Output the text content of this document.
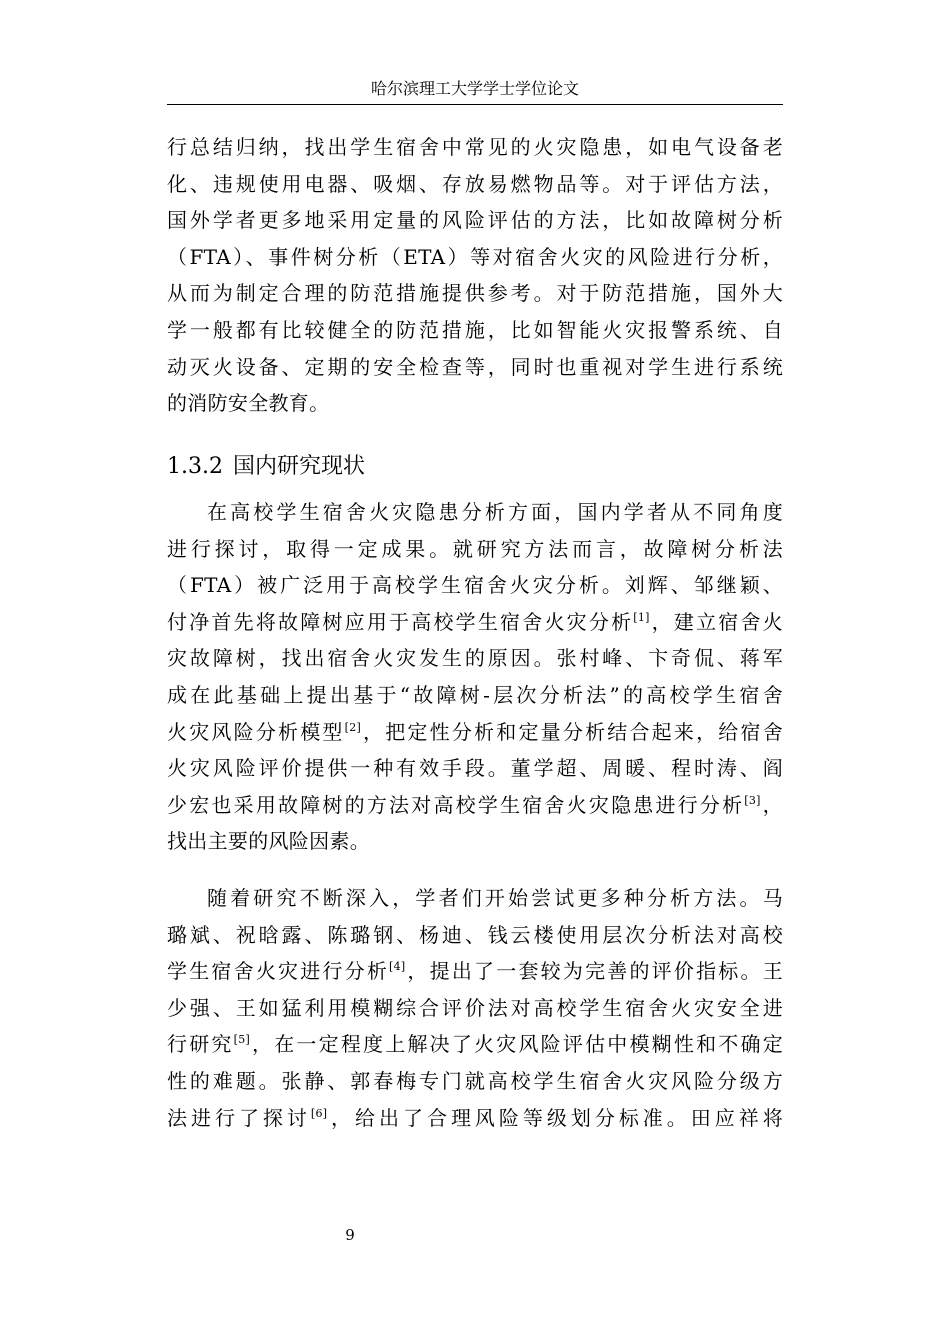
哈尔滨理工大学学士学位论文
行总结归纳，找出学生宿舍中常见的火灾隐患，如电气设备老
化、违规使用电器、吸烟、存放易燃物品等。对于评估方法，
国外学者更多地采用定量的风险评估的方法，比如故障树分析
（FTA）、事件树分析（ETA）等对宿舍火灾的风险进行分析，
从而为制定合理的防范措施提供参考。对于防范措施，国外大
学一般都有比较健全的防范措施，比如智能火灾报警系统、自
动灭火设备、定期的安全检查等，同时也重视对学生进行系统
的消防安全教育。
1.3.2 国内研究现状
在高校学生宿舍火灾隐患分析方面，国内学者从不同角度
进行探讨，取得一定成果。就研究方法而言，故障树分析法
（FTA）被广泛用于高校学生宿舍火灾分析。刘辉、邹继颖、
付净首先将故障树应用于高校学生宿舍火灾分析[1]，建立宿舍火
灾故障树，找出宿舍火灾发生的原因。张村峰、卞奇侃、蒋军
成在此基础上提出基于“故障树-层次分析法”的高校学生宿舍
火灾风险分析模型[2]，把定性分析和定量分析结合起来，给宿舍
火灾风险评价提供一种有效手段。董学超、周暖、程时涛、阎
少宏也采用故障树的方法对高校学生宿舍火灾隐患进行分析[3]，
找出主要的风险因素。
随着研究不断深入，学者们开始尝试更多种分析方法。马
璐斌、祝晗露、陈璐钢、杨迪、钱云楼使用层次分析法对高校
学生宿舍火灾进行分析[4]，提出了一套较为完善的评价指标。王
少强、王如猛利用模糊综合评价法对高校学生宿舍火灾安全进
行研究[5]，在一定程度上解决了火灾风险评估中模糊性和不确定
性的难题。张静、郭春梅专门就高校学生宿舍火灾风险分级方
法进行了探讨[6]，给出了合理风险等级划分标准。田应祥将
9
